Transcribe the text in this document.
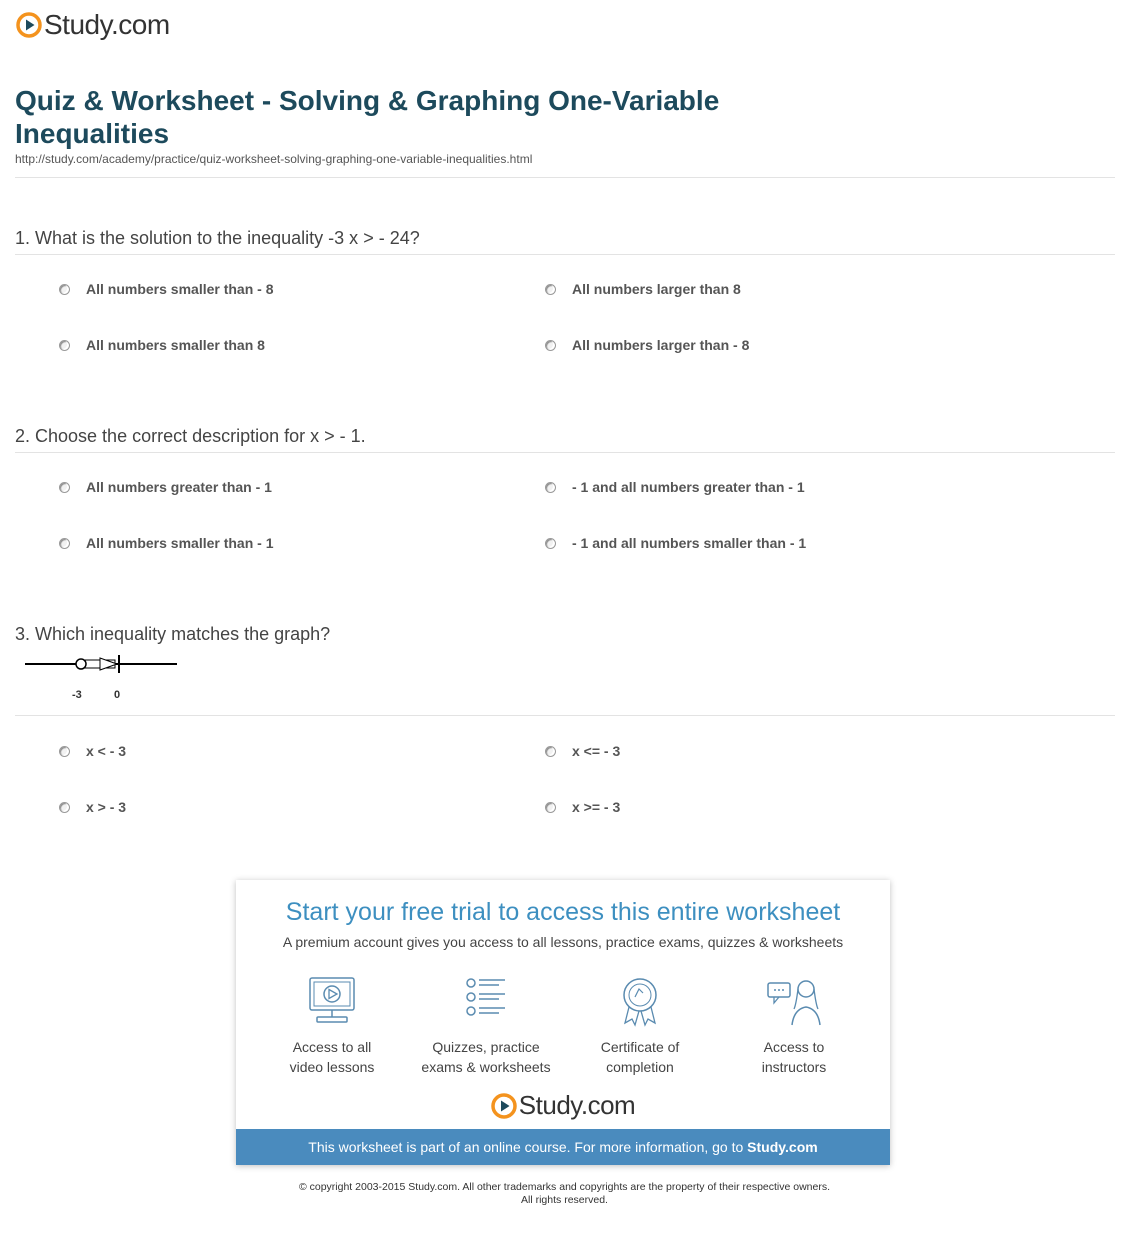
Study.com
Quiz & Worksheet - Solving & Graphing One-Variable Inequalities
http://study.com/academy/practice/quiz-worksheet-solving-graphing-one-variable-inequalities.html
1. What is the solution to the inequality -3 x > - 24?
All numbers smaller than - 8	All numbers larger than 8
All numbers smaller than 8	All numbers larger than - 8
2. Choose the correct description for x > - 1.
All numbers greater than - 1	- 1 and all numbers greater than - 1
All numbers smaller than - 1	- 1 and all numbers smaller than - 1
3. Which inequality matches the graph?
-3	0
x < - 3	x <= - 3
x > - 3	x >= - 3
Start your free trial to access this entire worksheet
A premium account gives you access to all lessons, practice exams, quizzes & worksheets
Access to all
video lessons
Quizzes, practice
exams & worksheets
Certificate of
completion
Access to
instructors
Study.com
This worksheet is part of an online course. For more information, go to Study.com
© copyright 2003-2015 Study.com. All other trademarks and copyrights are the property of their respective owners.
All rights reserved.
